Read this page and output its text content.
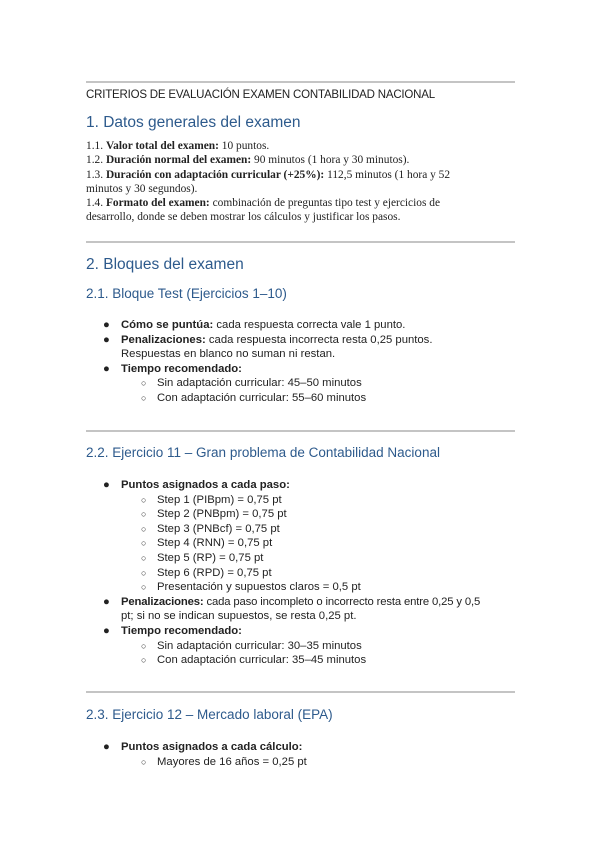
CRITERIOS DE EVALUACIÓN EXAMEN CONTABILIDAD NACIONAL
1. Datos generales del examen
1.1. Valor total del examen: 10 puntos.
1.2. Duración normal del examen: 90 minutos (1 hora y 30 minutos).
1.3. Duración con adaptación curricular (+25%): 112,5 minutos (1 hora y 52 minutos y 30 segundos).
1.4. Formato del examen: combinación de preguntas tipo test y ejercicios de desarrollo, donde se deben mostrar los cálculos y justificar los pasos.
2. Bloques del examen
2.1. Bloque Test (Ejercicios 1–10)
● Cómo se puntúa: cada respuesta correcta vale 1 punto.
● Penalizaciones: cada respuesta incorrecta resta 0,25 puntos.
Respuestas en blanco no suman ni restan.
● Tiempo recomendado:
○ Sin adaptación curricular: 45–50 minutos
○ Con adaptación curricular: 55–60 minutos
2.2. Ejercicio 11 – Gran problema de Contabilidad Nacional
● Puntos asignados a cada paso:
○ Step 1 (PIBpm) = 0,75 pt
○ Step 2 (PNBpm) = 0,75 pt
○ Step 3 (PNBcf) = 0,75 pt
○ Step 4 (RNN) = 0,75 pt
○ Step 5 (RP) = 0,75 pt
○ Step 6 (RPD) = 0,75 pt
○ Presentación y supuestos claros = 0,5 pt
● Penalizaciones: cada paso incompleto o incorrecto resta entre 0,25 y 0,5
pt; si no se indican supuestos, se resta 0,25 pt.
● Tiempo recomendado:
○ Sin adaptación curricular: 30–35 minutos
○ Con adaptación curricular: 35–45 minutos
2.3. Ejercicio 12 – Mercado laboral (EPA)
● Puntos asignados a cada cálculo:
○ Mayores de 16 años = 0,25 pt
